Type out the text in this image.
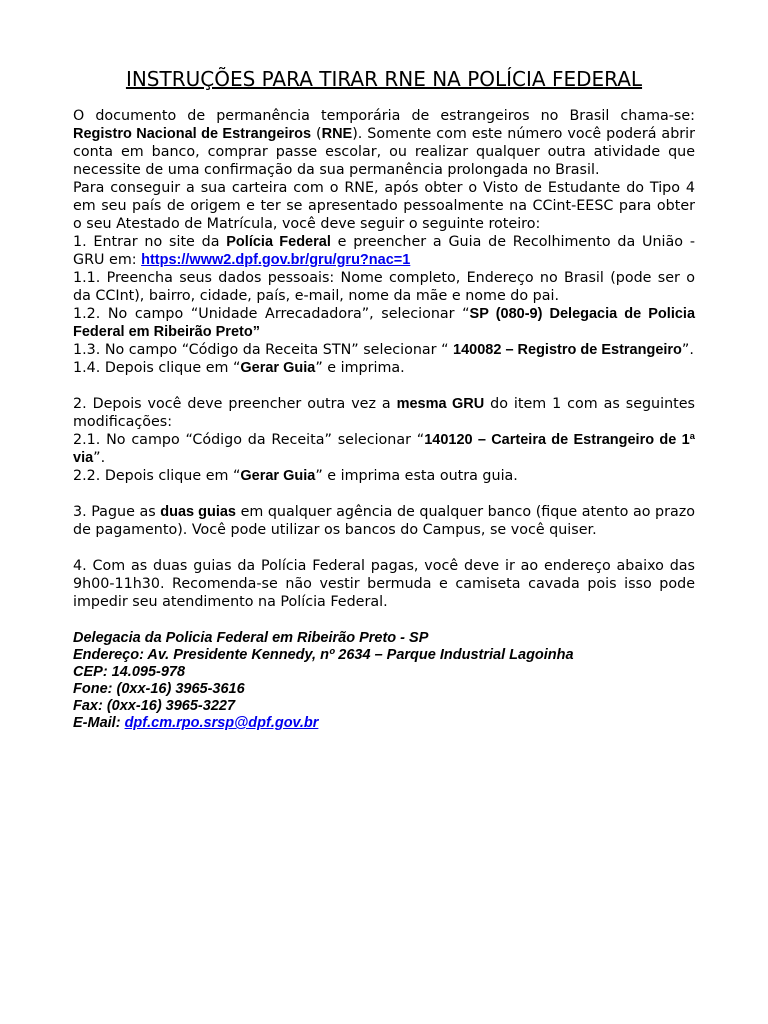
INSTRUÇÕES PARA TIRAR RNE NA POLÍCIA FEDERAL

O documento de permanência temporária de estrangeiros no Brasil chama-se: Registro Nacional de Estrangeiros (RNE). Somente com este número você poderá abrir conta em banco, comprar passe escolar, ou realizar qualquer outra atividade que necessite de uma confirmação da sua permanência prolongada no Brasil.

Para conseguir a sua carteira com o RNE, após obter o Visto de Estudante do Tipo 4 em seu país de origem e ter se apresentado pessoalmente na CCint-EESC para obter o seu Atestado de Matrícula, você deve seguir o seguinte roteiro:

1. Entrar no site da Polícia Federal e preencher a Guia de Recolhimento da União - GRU em: https://www2.dpf.gov.br/gru/gru?nac=1

1.1. Preencha seus dados pessoais: Nome completo, Endereço no Brasil (pode ser o da CCInt), bairro, cidade, país, e-mail, nome da mãe e nome do pai.

1.2. No campo “Unidade Arrecadadora”, selecionar “SP (080-9) Delegacia de Policia Federal em Ribeirão Preto”

1.3. No campo “Código da Receita STN” selecionar “ 140082 – Registro de Estrangeiro”.

1.4. Depois clique em “Gerar Guia” e imprima.

2. Depois você deve preencher outra vez a mesma GRU do item 1 com as seguintes modificações:

2.1. No campo “Código da Receita” selecionar “140120 – Carteira de Estrangeiro de 1ª via”.

2.2. Depois clique em “Gerar Guia” e imprima esta outra guia.

3. Pague as duas guias em qualquer agência de qualquer banco (fique atento ao prazo de pagamento). Você pode utilizar os bancos do Campus, se você quiser.

4. Com as duas guias da Polícia Federal pagas, você deve ir ao endereço abaixo das 9h00-11h30. Recomenda-se não vestir bermuda e camiseta cavada pois isso pode impedir seu atendimento na Polícia Federal.

Delegacia da Policia Federal em Ribeirão Preto - SP
Endereço: Av. Presidente Kennedy, nº 2634 – Parque Industrial Lagoinha
CEP: 14.095-978
Fone: (0xx-16) 3965-3616
Fax: (0xx-16) 3965-3227
E-Mail: dpf.cm.rpo.srsp@dpf.gov.br
